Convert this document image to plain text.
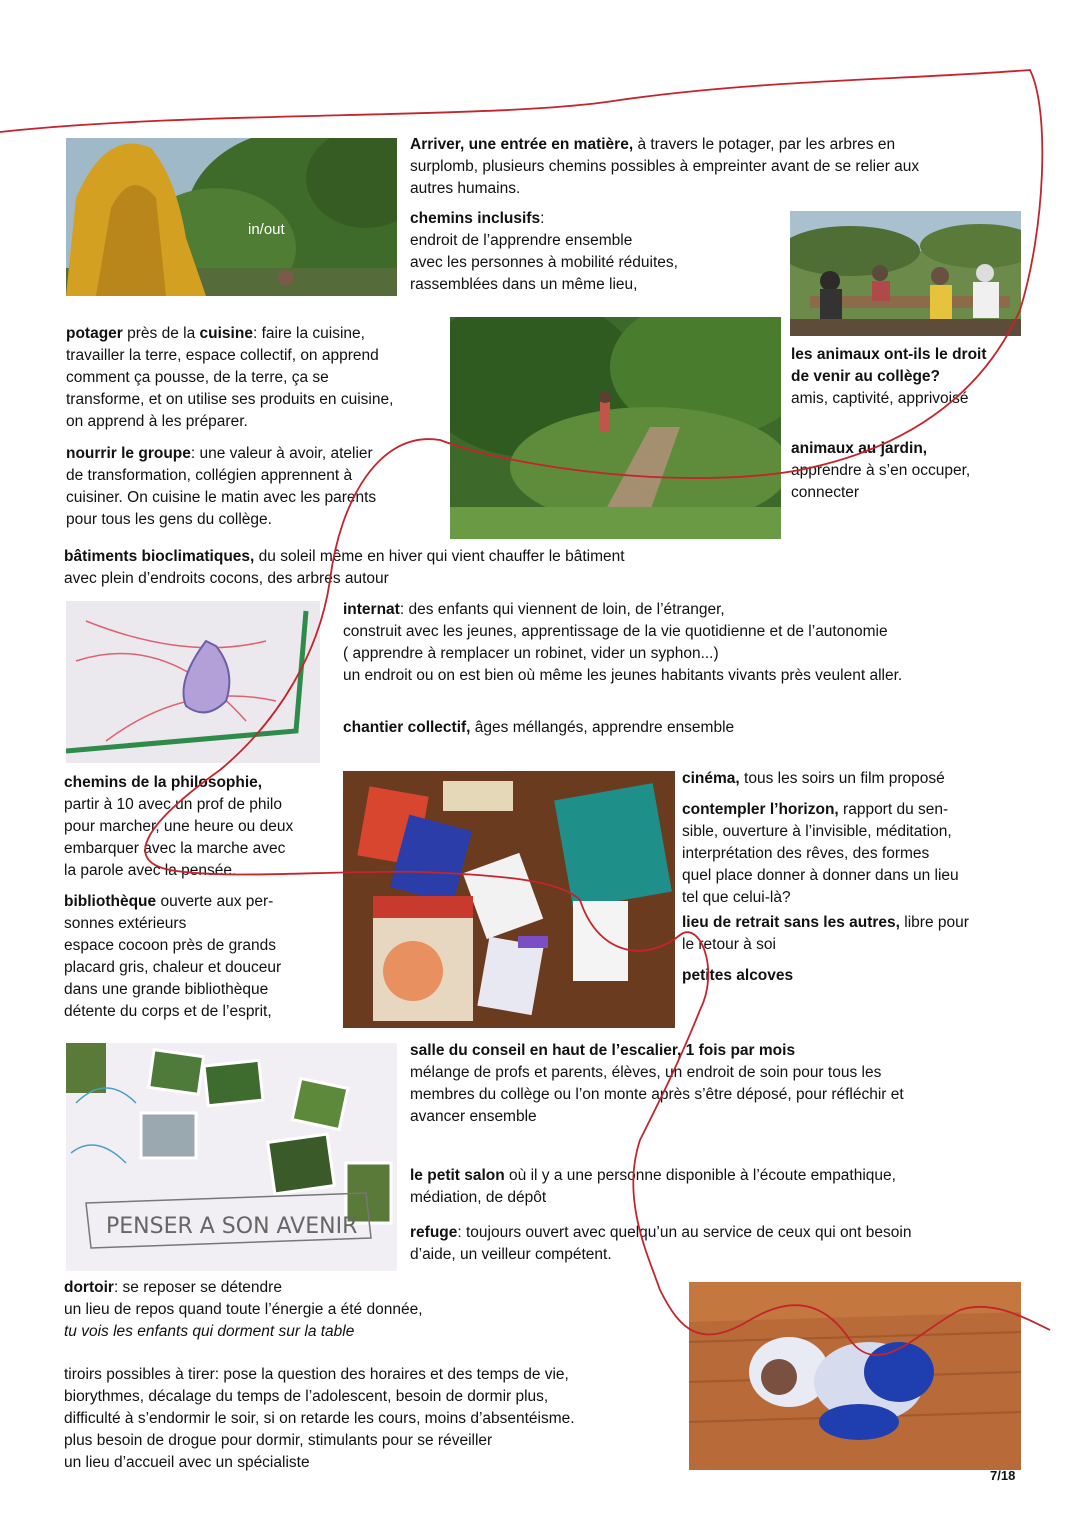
in/out
PENSER A SON AVENIR

Arriver, une entrée en matière, à travers le potager, par les arbres en

surplomb, plusieurs chemins possibles à empreinter avant de se relier aux

autres humains.

chemins inclusifs:

endroit de l’apprendre ensemble

avec les personnes à mobilité réduites,

rassemblées dans un même lieu,

potager près de la cuisine: faire la cuisine,

travailler la terre, espace collectif, on apprend

comment ça pousse, de la terre, ça se

transforme, et on utilise ses produits en cuisine,

on apprend à les préparer.

nourrir le groupe: une valeur à avoir, atelier

de transformation, collégien apprennent à

cuisiner. On cuisine le matin avec les parents

pour tous les gens du collège.

les animaux ont-ils le droit

de venir au collège?

amis, captivité, apprivoisé

animaux au jardin,

apprendre à s’en occuper,

connecter

bâtiments bioclimatiques, du soleil même en hiver qui vient chauffer le bâtiment

avec plein d’endroits cocons, des arbres autour

internat: des enfants qui viennent de loin, de l’étranger,

construit avec les jeunes, apprentissage de la vie quotidienne et de l’autonomie

( apprendre à remplacer un robinet, vider un syphon...)

un endroit ou on est bien où même les jeunes habitants vivants près veulent aller.

chantier collectif, âges méllangés, apprendre ensemble

chemins de la philosophie,

partir à 10 avec un prof de philo

pour marcher, une heure ou deux

embarquer avec la marche avec

la parole avec la pensée.

bibliothèque ouverte aux per-

sonnes extérieurs

espace cocoon près de grands

placard gris, chaleur et douceur

dans une grande bibliothèque

détente du corps et de l’esprit,

cinéma, tous les soirs un film proposé

contempler l’horizon, rapport du sen-

sible, ouverture à l’invisible, méditation,

interprétation des rêves, des formes

quel place donner à donner dans un lieu

tel que celui-là?

lieu de retrait sans les autres, libre pour

le retour à soi

petites alcoves

salle du conseil en haut de l’escalier, 1 fois par mois

mélange de profs et parents, élèves, un endroit de soin pour tous les

membres du collège ou l’on monte après s’être déposé, pour réfléchir et

avancer ensemble

le petit salon où il y a une personne disponible à l’écoute empathique,

médiation, de dépôt

refuge: toujours ouvert avec quelqu’un au service de ceux qui ont besoin

d’aide, un veilleur compétent.

dortoir: se reposer se détendre

un lieu de repos quand toute l’énergie a été donnée,

tu vois les enfants qui dorment sur la table

tiroirs possibles à tirer: pose la question des horaires et des temps de vie,

biorythmes, décalage du temps de l’adolescent, besoin de dormir plus,

difficulté à s’endormir le soir, si on retarde les cours, moins d’absentéisme.

plus besoin de drogue pour dormir, stimulants pour se réveiller

un lieu d’accueil avec un spécialiste

7/18
